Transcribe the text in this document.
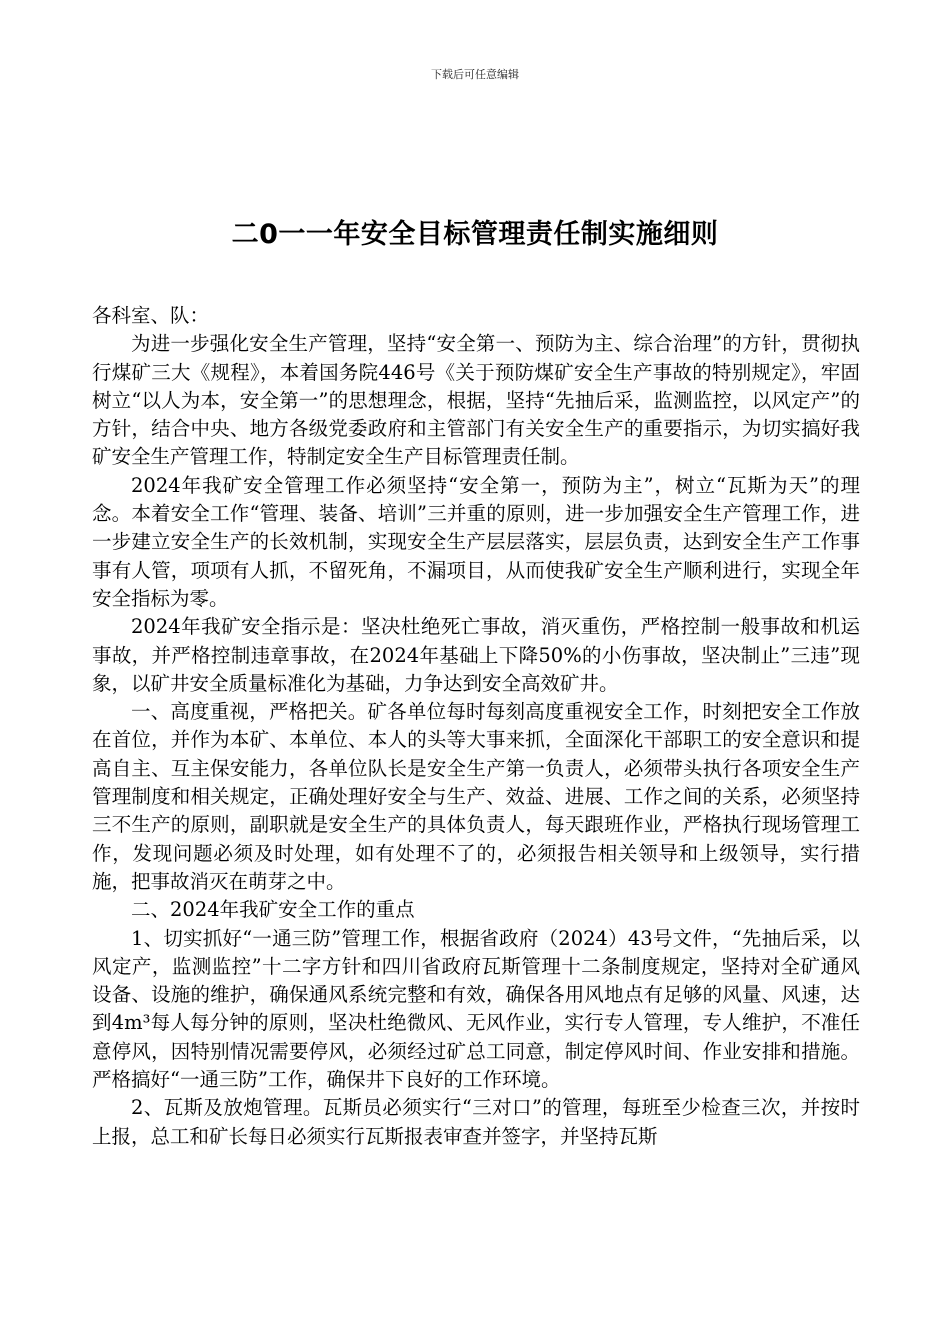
下载后可任意编辑
二0一一年安全目标管理责任制实施细则

各科室、队：

为进一步强化安全生产管理，坚持“安全第一、预防为主、综合治理”的方针，贯彻执行煤矿三大《规程》，本着国务院446号《关于预防煤矿安全生产事故的特别规定》，牢固树立“以人为本，安全第一”的思想理念，根据，坚持“先抽后采，监测监控，以风定产”的方针，结合中央、地方各级党委政府和主管部门有关安全生产的重要指示，为切实搞好我矿安全生产管理工作，特制定安全生产目标管理责任制。

2024年我矿安全管理工作必须坚持“安全第一，预防为主”，树立“瓦斯为天”的理念。本着安全工作“管理、装备、培训”三并重的原则，进一步加强安全生产管理工作，进一步建立安全生产的长效机制，实现安全生产层层落实，层层负责，达到安全生产工作事事有人管，项项有人抓，不留死角，不漏项目，从而使我矿安全生产顺利进行，实现全年安全指标为零。

2024年我矿安全指示是：坚决杜绝死亡事故，消灭重伤，严格控制一般事故和机运事故，并严格控制违章事故，在2024年基础上下降50%的小伤事故，坚决制止”三违”现象，以矿井安全质量标准化为基础，力争达到安全高效矿井。

一、高度重视，严格把关。矿各单位每时每刻高度重视安全工作，时刻把安全工作放在首位，并作为本矿、本单位、本人的头等大事来抓，全面深化干部职工的安全意识和提高自主、互主保安能力，各单位队长是安全生产第一负责人，必须带头执行各项安全生产管理制度和相关规定，正确处理好安全与生产、效益、进展、工作之间的关系，必须坚持三不生产的原则，副职就是安全生产的具体负责人，每天跟班作业，严格执行现场管理工作，发现问题必须及时处理，如有处理不了的，必须报告相关领导和上级领导，实行措施，把事故消灭在萌芽之中。

二、2024年我矿安全工作的重点

1、切实抓好“一通三防”管理工作，根据省政府（2024）43号文件，“先抽后采，以风定产，监测监控”十二字方针和四川省政府瓦斯管理十二条制度规定，坚持对全矿通风设备、设施的维护，确保通风系统完整和有效，确保各用风地点有足够的风量、风速，达到4m³每人每分钟的原则，坚决杜绝微风、无风作业，实行专人管理，专人维护，不准任意停风，因特别情况需要停风，必须经过矿总工同意，制定停风时间、作业安排和措施。严格搞好“一通三防”工作，确保井下良好的工作环境。

2、瓦斯及放炮管理。瓦斯员必须实行“三对口”的管理，每班至少检查三次，并按时上报，总工和矿长每日必须实行瓦斯报表审查并签字，并坚持瓦斯
